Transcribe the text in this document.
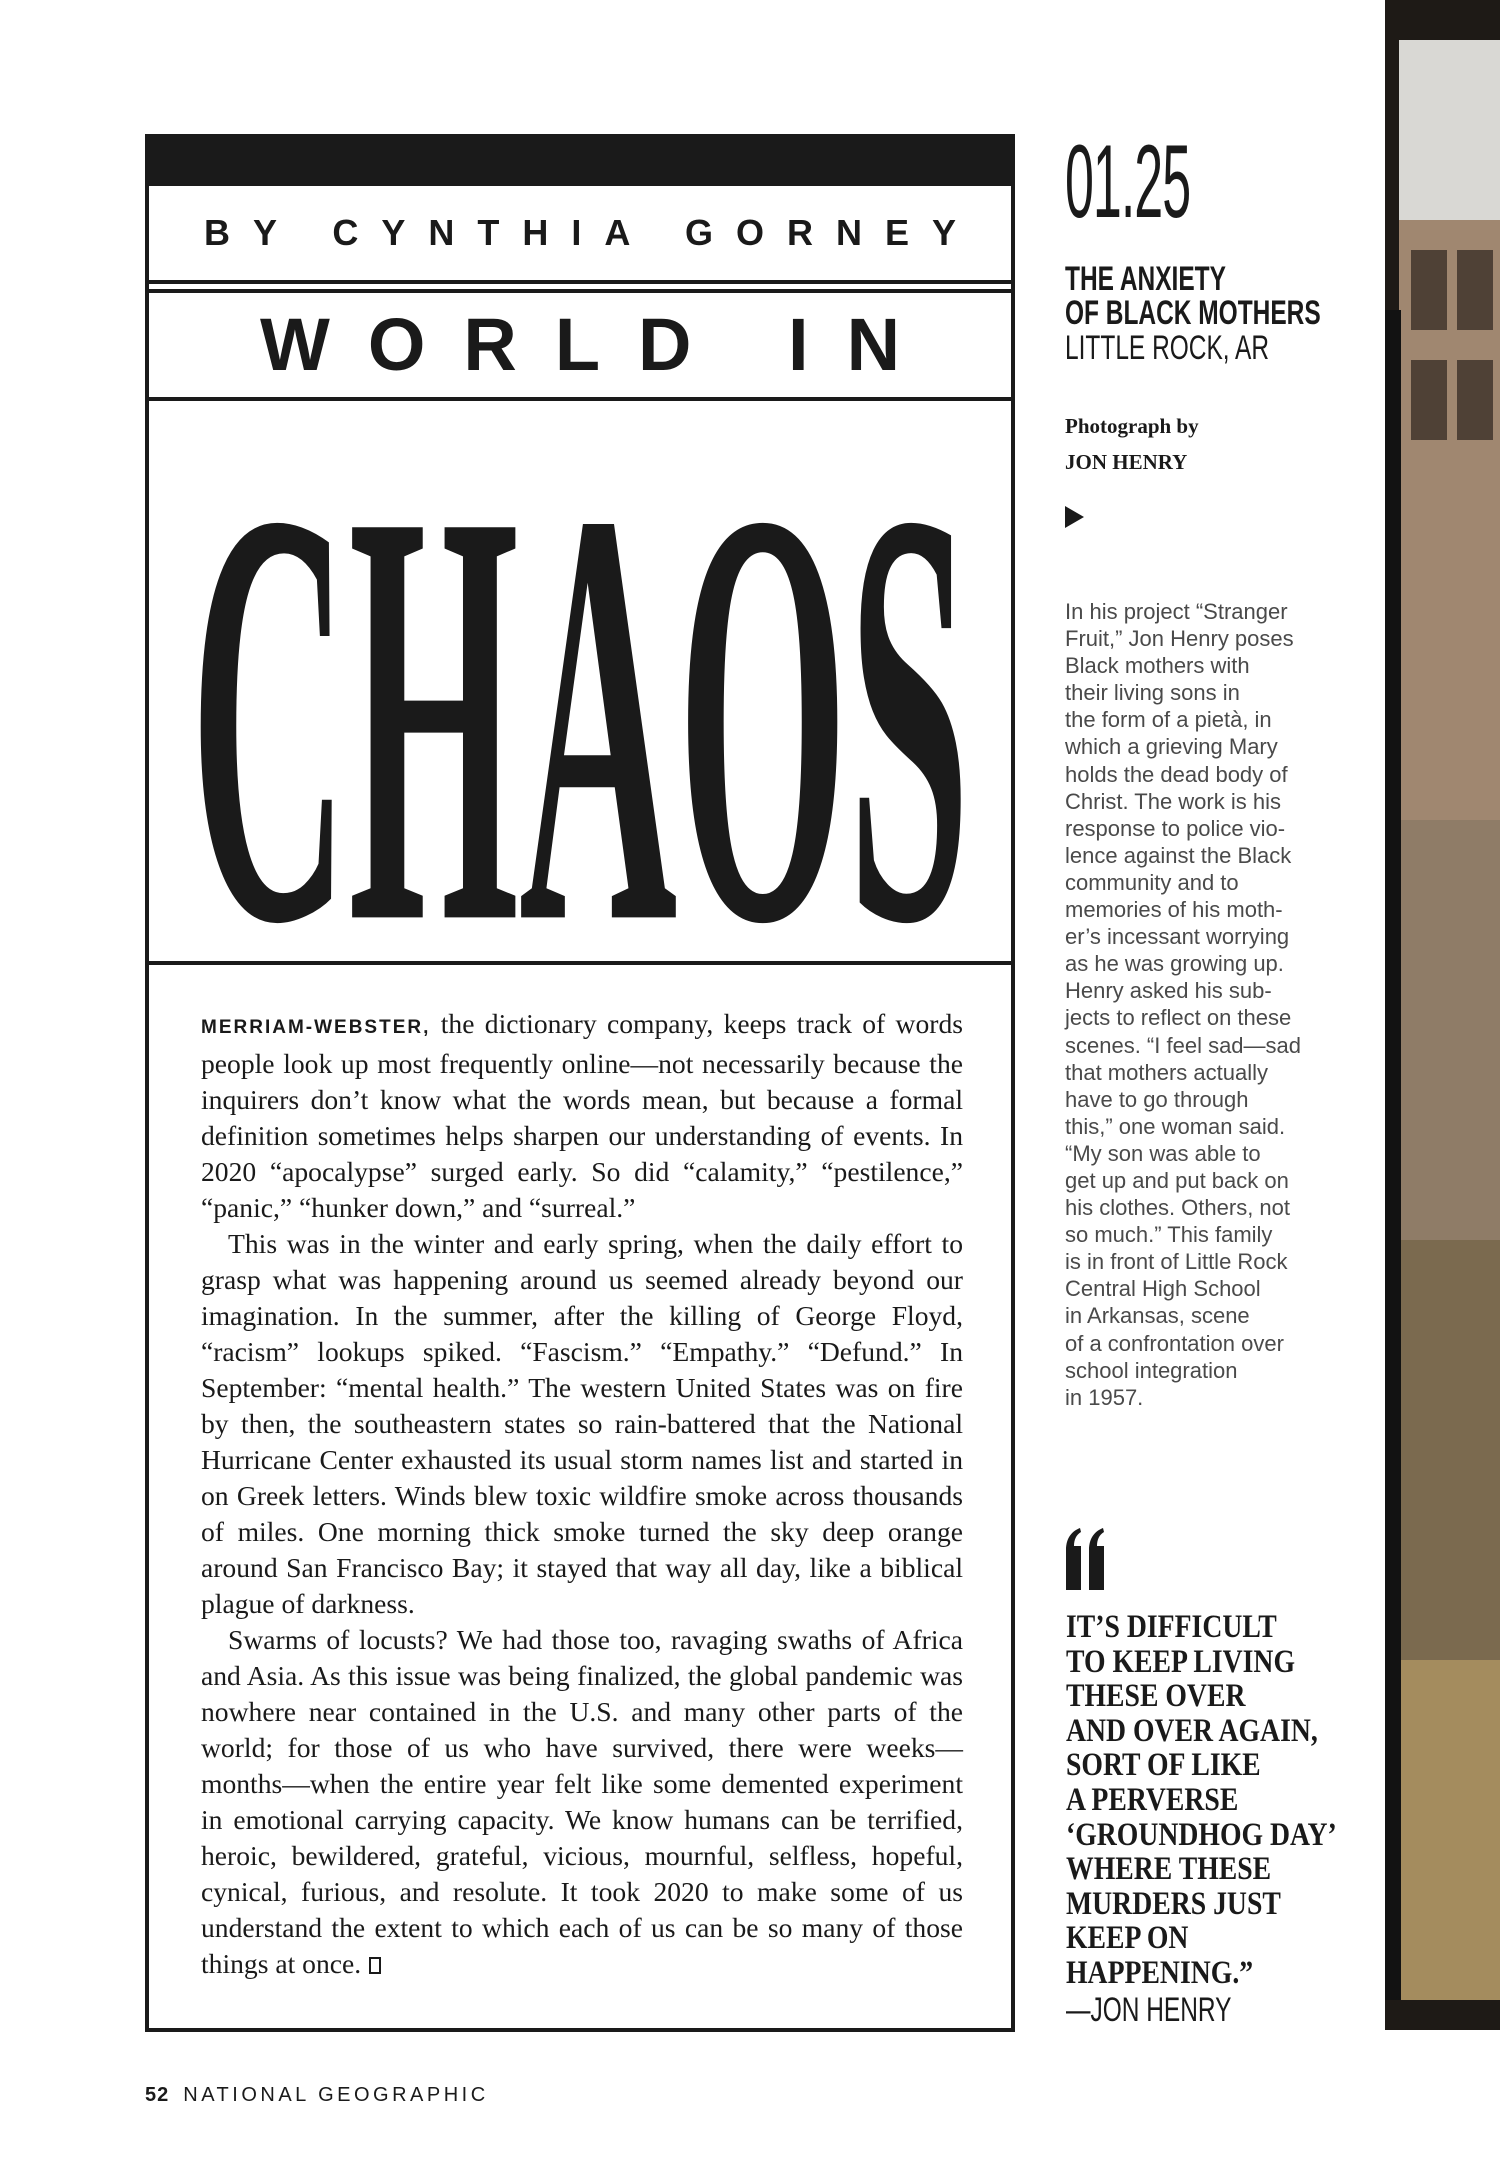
BY CYNTHIA GORNEY
WORLD IN
CHAOS

MERRIAM-WEBSTER, the dictionary company, keeps track of words people look up most frequently online—not necessarily because the inquirers don’t know what the words mean, but because a formal definition sometimes helps sharpen our understanding of events. In 2020 “apocalypse” surged early. So did “calamity,” “pestilence,” “panic,” “hunker down,” and “surreal.”

This was in the winter and early spring, when the daily effort to grasp what was happening around us seemed already beyond our imagination. In the summer, after the killing of George Floyd, “racism” lookups spiked. “Fascism.” “Empathy.” “Defund.” In September: “mental health.” The western United States was on fire by then, the southeastern states so rain-battered that the National Hurricane Center exhausted its usual storm names list and started in on Greek letters. Winds blew toxic wildfire smoke across thousands of miles. One morning thick smoke turned the sky deep orange around San Francisco Bay; it stayed that way all day, like a biblical plague of darkness.

Swarms of locusts? We had those too, ravaging swaths of Africa and Asia. As this issue was being finalized, the global pandemic was nowhere near contained in the U.S. and many other parts of the world; for those of us who have survived, there were weeks—months—when the entire year felt like some demented experiment in emotional carrying capacity. We know humans can be terrified, heroic, bewildered, grateful, vicious, mournful, selfless, hopeful, cynical, furious, and resolute. It took 2020 to make some of us understand the extent to which each of us can be so many of those things at once.

01.25
THE ANXIETY
OF BLACK MOTHERS
LITTLE ROCK, AR
Photograph by
JON HENRY
In his project “Stranger
Fruit,” Jon Henry poses
Black mothers with
their living sons in
the form of a pietà, in
which a grieving Mary
holds the dead body of
Christ. The work is his
response to police vio-
lence against the Black
community and to
memories of his moth-
er’s incessant worrying
as he was growing up.
Henry asked his sub-
jects to reflect on these
scenes. “I feel sad—sad
that mothers actually
have to go through
this,” one woman said.
“My son was able to
get up and put back on
his clothes. Others, not
so much.” This family
is in front of Little Rock
Central High School
in Arkansas, scene
of a confrontation over
school integration
in 1957.
IT’S DIFFICULT
TO KEEP LIVING
THESE OVER
AND OVER AGAIN,
SORT OF LIKE
A PERVERSE
‘GROUNDHOG DAY’
WHERE THESE
MURDERS JUST
KEEP ON
HAPPENING.”
—JON HENRY
52 NATIONAL GEOGRAPHIC
